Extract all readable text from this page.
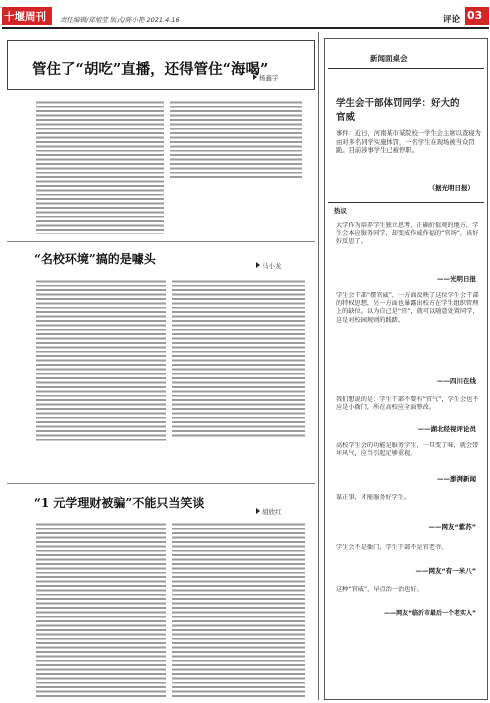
十堰周刊	责任编辑/郑旭莹 版式/陈小艳 2021.4.16	评论 03
管住了“胡吃”直播，还得管住“海喝”
杨鑫宇
“名校环境”搞的是噱头	马小龙
“1 元学理财被骗”不能只当笑谈
胡欣红
新闻面桌会
学生会干部体罚同学：好大的官威
事件：近日，河南某市某院校一学生会主席以查寝为由对多名同学实施体罚，一名学生在现场被当众罚跪。目前涉事学生已被停职。
（据光明日报）
热议
大学作为培养学生独立思考、正确价值观的地方，学生会本应服务同学，却变成作威作福的“官场”，该好好反思了。
——光明日报
学生会干部“摆官威”，一方面反映了这位学生会干部的特权思想，另一方面也暴露出校方在学生组织管理上的缺位。以为自己是“官”，就可以随意处置同学，这是对校园规则的践踏。
——四川在线
我们想说的是：学生干部不要有“官气”，学生会也不应是小衙门，所在高校应全面整改。
——湖北经视评论员
高校学生会的功能是服务学生，一旦变了味，就会带坏风气，应当引起足够重视。
——澎湃新闻
谋正事，才能服务好学生。
——网友“紫苏”
学生会不是衙门，学生干部不是官老爷。
——网友“有一米八”
这种“官威”，早点治一治也好。
——网友“临沂市最后一个老实人”
